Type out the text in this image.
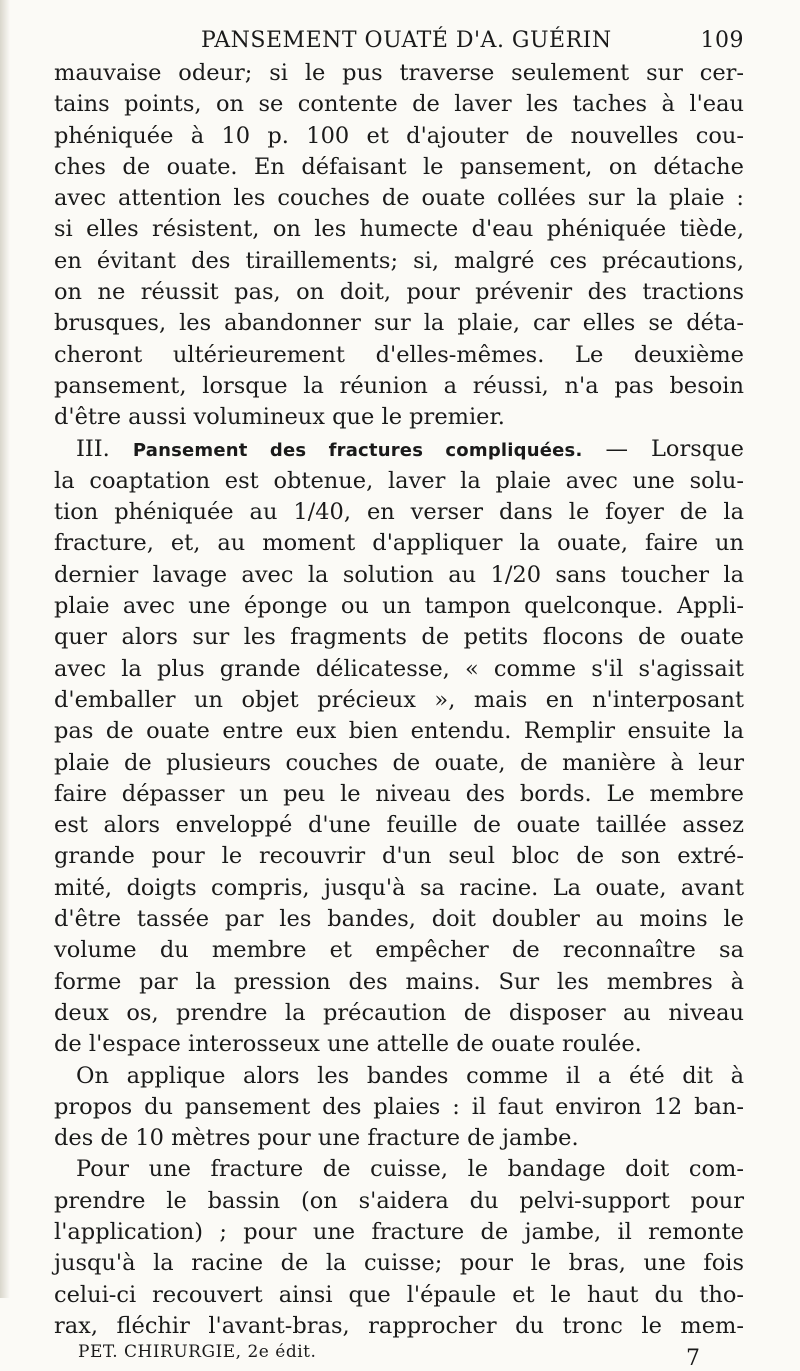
PANSEMENT OUATÉ D'A. GUÉRIN	109
mauvaise odeur; si le pus traverse seulement sur cer-
tains points, on se contente de laver les taches à l'eau
phéniquée à 10 p. 100 et d'ajouter de nouvelles cou-
ches de ouate. En défaisant le pansement, on détache
avec attention les couches de ouate collées sur la plaie :
si elles résistent, on les humecte d'eau phéniquée tiède,
en évitant des tiraillements; si, malgré ces précautions,
on ne réussit pas, on doit, pour prévenir des tractions
brusques, les abandonner sur la plaie, car elles se déta-
cheront ultérieurement d'elles-mêmes. Le deuxième
pansement, lorsque la réunion a réussi, n'a pas besoin
d'être aussi volumineux que le premier.
III. Pansement des fractures compliquées. — Lorsque
la coaptation est obtenue, laver la plaie avec une solu-
tion phéniquée au 1/40, en verser dans le foyer de la
fracture, et, au moment d'appliquer la ouate, faire un
dernier lavage avec la solution au 1/20 sans toucher la
plaie avec une éponge ou un tampon quelconque. Appli-
quer alors sur les fragments de petits flocons de ouate
avec la plus grande délicatesse, « comme s'il s'agissait
d'emballer un objet précieux », mais en n'interposant
pas de ouate entre eux bien entendu. Remplir ensuite la
plaie de plusieurs couches de ouate, de manière à leur
faire dépasser un peu le niveau des bords. Le membre
est alors enveloppé d'une feuille de ouate taillée assez
grande pour le recouvrir d'un seul bloc de son extré-
mité, doigts compris, jusqu'à sa racine. La ouate, avant
d'être tassée par les bandes, doit doubler au moins le
volume du membre et empêcher de reconnaître sa
forme par la pression des mains. Sur les membres à
deux os, prendre la précaution de disposer au niveau
de l'espace interosseux une attelle de ouate roulée.
On applique alors les bandes comme il a été dit à
propos du pansement des plaies : il faut environ 12 ban-
des de 10 mètres pour une fracture de jambe.
Pour une fracture de cuisse, le bandage doit com-
prendre le bassin (on s'aidera du pelvi-support pour
l'application) ; pour une fracture de jambe, il remonte
jusqu'à la racine de la cuisse; pour le bras, une fois
celui-ci recouvert ainsi que l'épaule et le haut du tho-
rax, fléchir l'avant-bras, rapprocher du tronc le mem-
PET. CHIRURGIE, 2e édit.	7
